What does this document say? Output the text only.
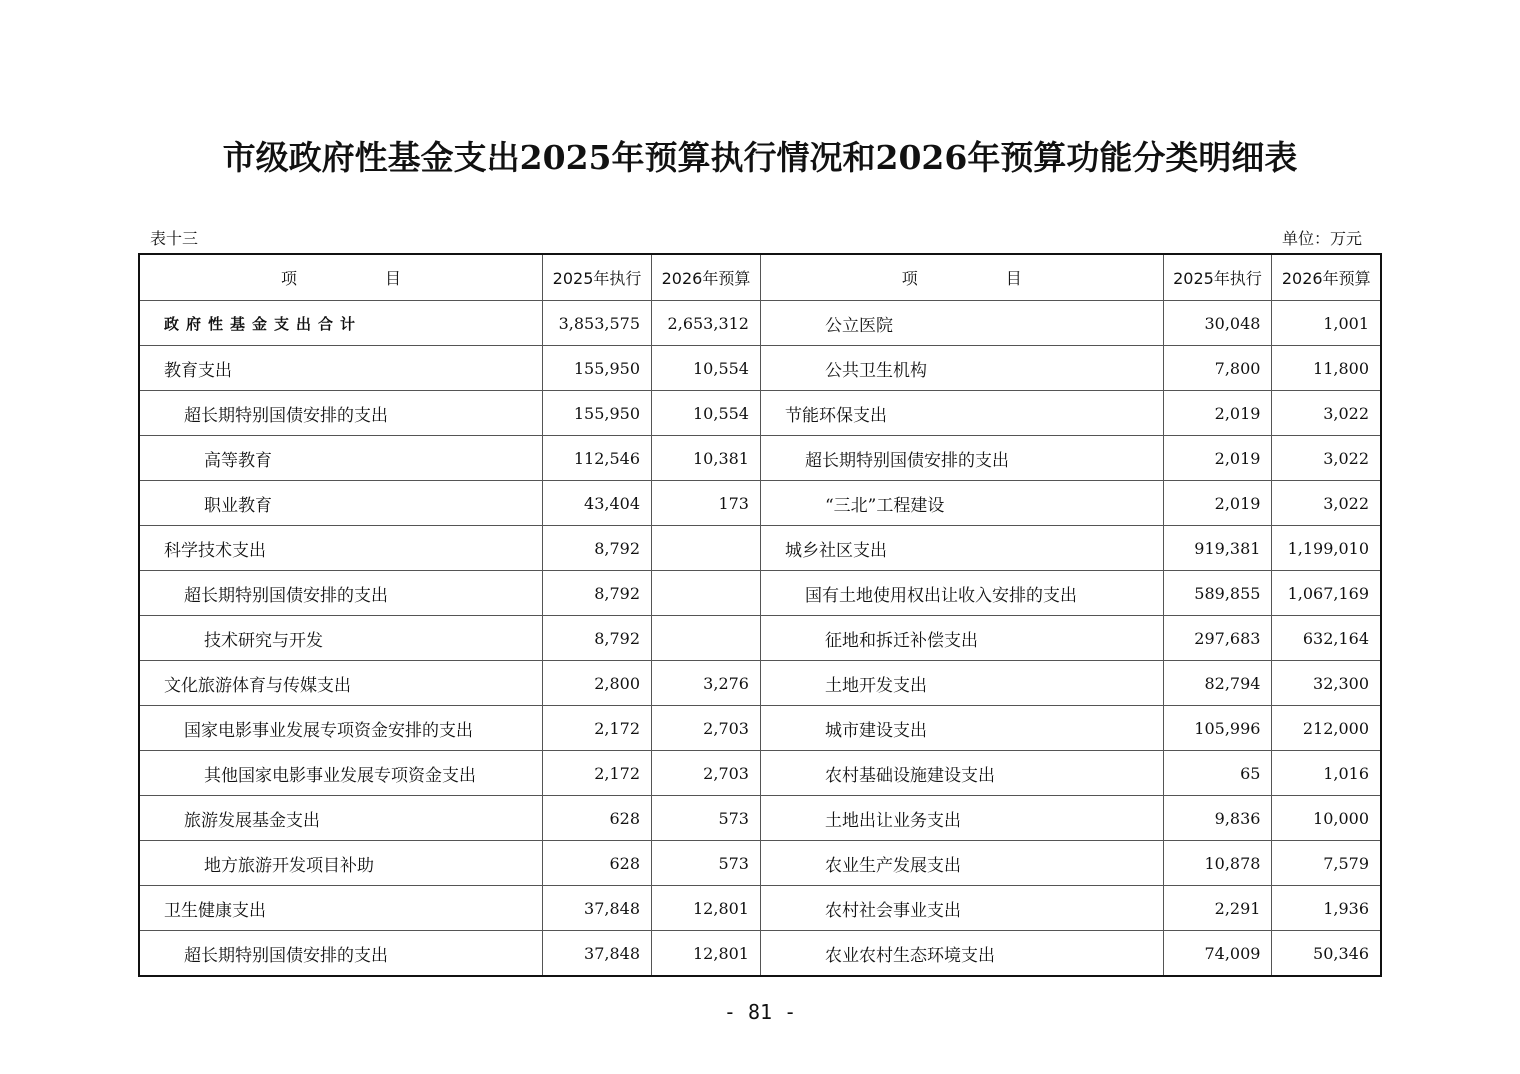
市级政府性基金支出2025年预算执行情况和2026年预算功能分类明细表
表十三	单位：万元
项 目	2025年执行	2026年预算	项 目	2025年执行	2026年预算
政府性基金支出合计	3,853,575	2,653,312	公立医院	30,048	1,001
教育支出	155,950	10,554	公共卫生机构	7,800	11,800
超长期特别国债安排的支出	155,950	10,554	节能环保支出	2,019	3,022
高等教育	112,546	10,381	超长期特别国债安排的支出	2,019	3,022
职业教育	43,404	173	“三北”工程建设	2,019	3,022
科学技术支出	8,792		城乡社区支出	919,381	1,199,010
超长期特别国债安排的支出	8,792		国有土地使用权出让收入安排的支出	589,855	1,067,169
技术研究与开发	8,792		征地和拆迁补偿支出	297,683	632,164
文化旅游体育与传媒支出	2,800	3,276	土地开发支出	82,794	32,300
国家电影事业发展专项资金安排的支出	2,172	2,703	城市建设支出	105,996	212,000
其他国家电影事业发展专项资金支出	2,172	2,703	农村基础设施建设支出	65	1,016
旅游发展基金支出	628	573	土地出让业务支出	9,836	10,000
地方旅游开发项目补助	628	573	农业生产发展支出	10,878	7,579
卫生健康支出	37,848	12,801	农村社会事业支出	2,291	1,936
超长期特别国债安排的支出	37,848	12,801	农业农村生态环境支出	74,009	50,346
- 81 -
